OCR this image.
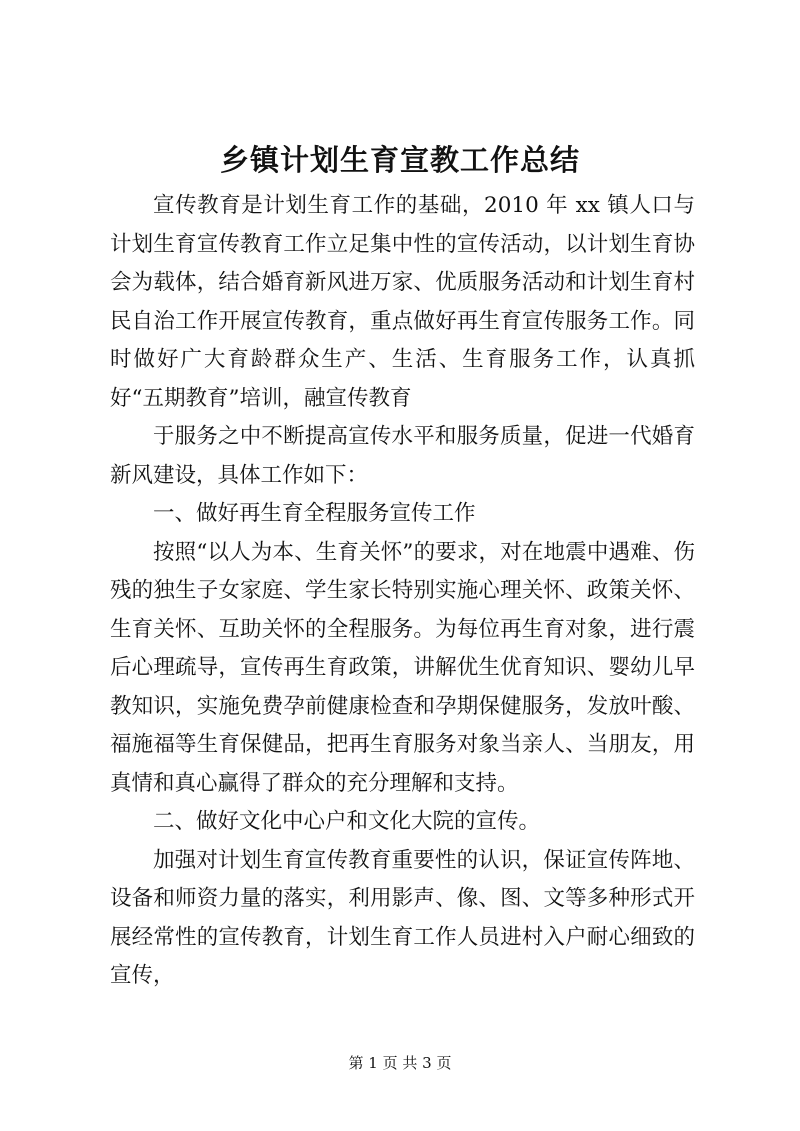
乡镇计划生育宣教工作总结

宣传教育是计划生育工作的基础，2010 年 xx 镇人口与计划生育宣传教育工作立足集中性的宣传活动，以计划生育协会为载体，结合婚育新风进万家、优质服务活动和计划生育村民自治工作开展宣传教育，重点做好再生育宣传服务工作。同时做好广大育龄群众生产、生活、生育服务工作，认真抓好“五期教育”培训，融宣传教育

于服务之中不断提高宣传水平和服务质量，促进一代婚育新风建设，具体工作如下：

一、做好再生育全程服务宣传工作

按照“以人为本、生育关怀”的要求，对在地震中遇难、伤残的独生子女家庭、学生家长特别实施心理关怀、政策关怀、生育关怀、互助关怀的全程服务。为每位再生育对象，进行震后心理疏导，宣传再生育政策，讲解优生优育知识、婴幼儿早教知识，实施免费孕前健康检查和孕期保健服务，发放叶酸、福施福等生育保健品，把再生育服务对象当亲人、当朋友，用真情和真心赢得了群众的充分理解和支持。

二、做好文化中心户和文化大院的宣传。

加强对计划生育宣传教育重要性的认识，保证宣传阵地、设备和师资力量的落实，利用影声、像、图、文等多种形式开展经常性的宣传教育，计划生育工作人员进村入户耐心细致的宣传，

第 1 页 共 3 页
